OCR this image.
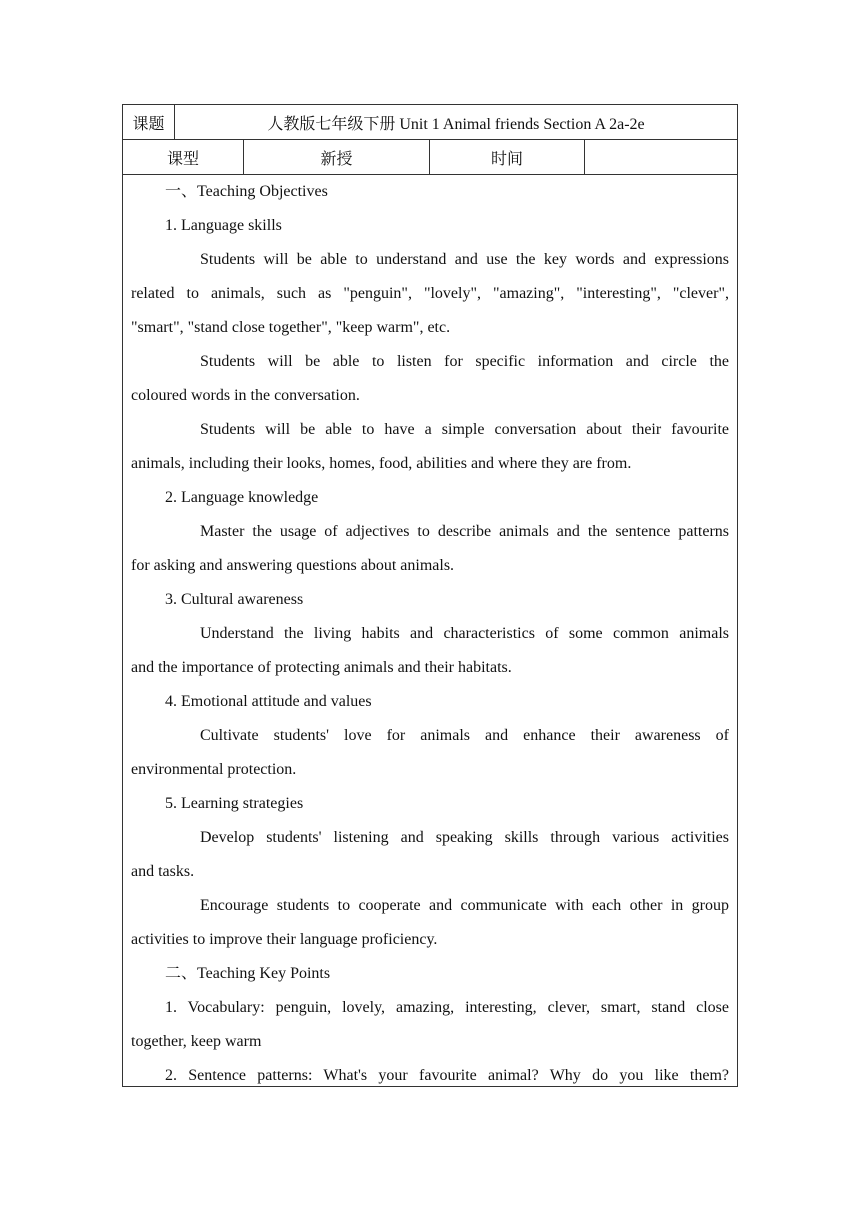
课题	人教版七年级下册 Unit 1 Animal friends Section A 2a-2e
课型	新授	时间
一、Teaching Objectives
1. Language skills
Students will be able to understand and use the key words and expressions
related to animals, such as "penguin", "lovely", "amazing", "interesting", "clever",
"smart", "stand close together", "keep warm", etc.
Students will be able to listen for specific information and circle the
coloured words in the conversation.
Students will be able to have a simple conversation about their favourite
animals, including their looks, homes, food, abilities and where they are from.
2. Language knowledge
Master the usage of adjectives to describe animals and the sentence patterns
for asking and answering questions about animals.
3. Cultural awareness
Understand the living habits and characteristics of some common animals
and the importance of protecting animals and their habitats.
4. Emotional attitude and values
Cultivate students' love for animals and enhance their awareness of
environmental protection.
5. Learning strategies
Develop students' listening and speaking skills through various activities
and tasks.
Encourage students to cooperate and communicate with each other in group
activities to improve their language proficiency.
二、Teaching Key Points
1. Vocabulary: penguin, lovely, amazing, interesting, clever, smart, stand close
together, keep warm
2. Sentence patterns: What's your favourite animal? Why do you like them?
